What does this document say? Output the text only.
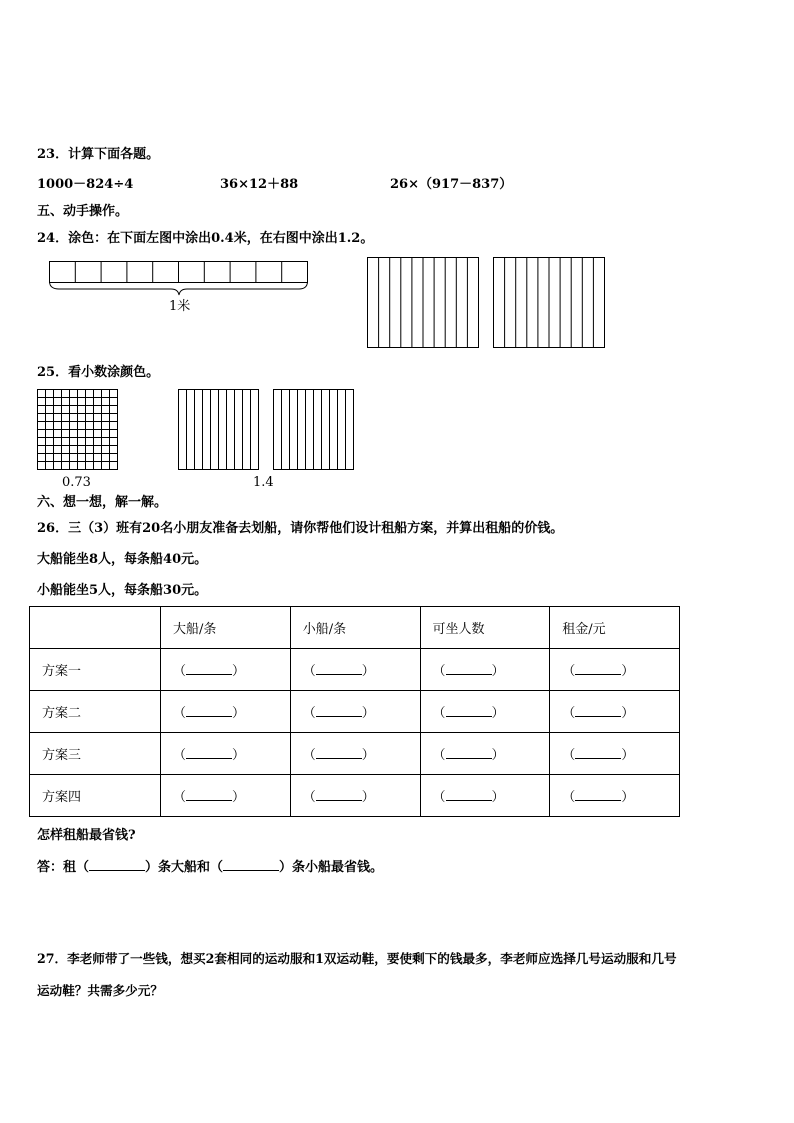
23．计算下面各题。
1000－824÷4	36×12＋88	26×（917－837）
五、动手操作。
24．涂色：在下面左图中涂出0.4米，在右图中涂出1.2。
1米
25．看小数涂颜色。
0.73	1.4
六、想一想，解一解。
26．三（3）班有20名小朋友准备去划船，请你帮他们设计租船方案，并算出租船的价钱。
大船能坐8人，每条船40元。
小船能坐5人，每条船30元。
	大船/条	小船/条	可坐人数	租金/元
方案一	（ ）	（ ）	（ ）	（ ）
方案二	（ ）	（ ）	（ ）	（ ）
方案三	（ ）	（ ）	（ ）	（ ）
方案四	（ ）	（ ）	（ ）	（ ）
怎样租船最省钱?
答：租（	）条大船和（	）条小船最省钱。
27．李老师带了一些钱，想买2套相同的运动服和1双运动鞋，要使剩下的钱最多，李老师应选择几号运动服和几号
运动鞋？共需多少元？
